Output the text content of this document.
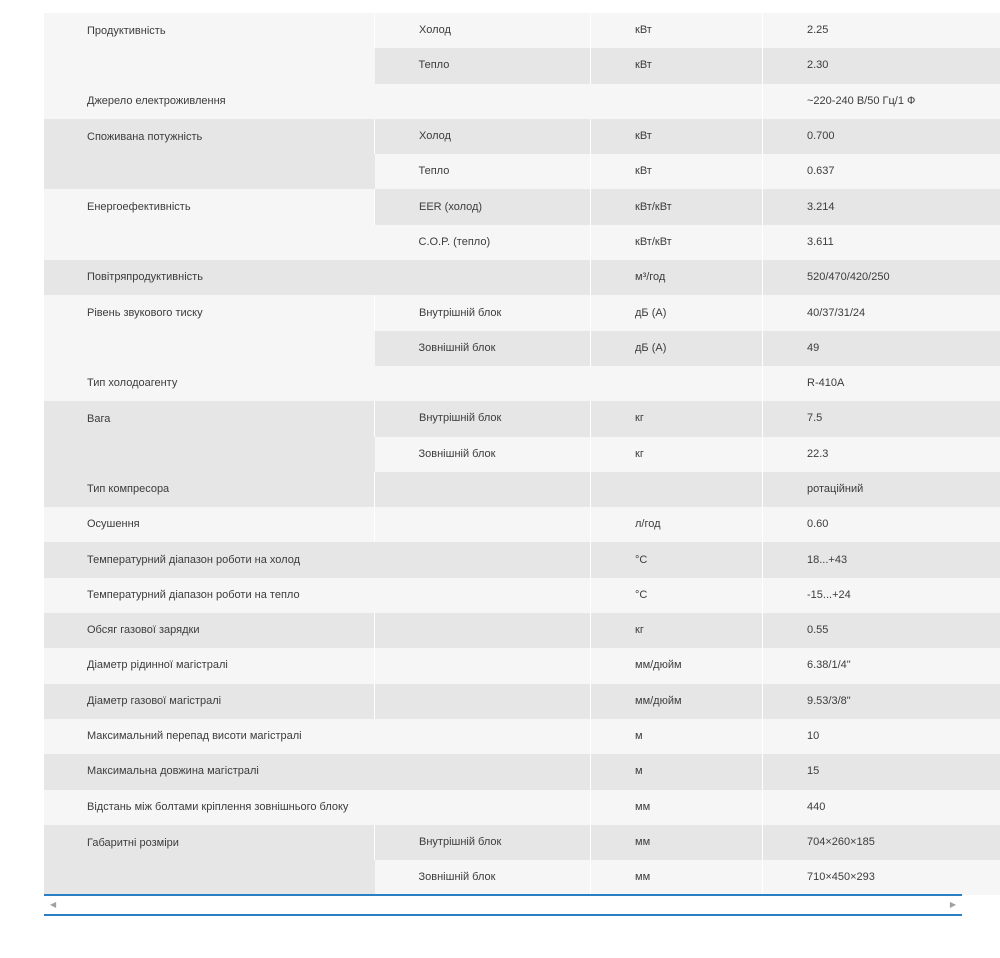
Продуктивність	Холод	кВт	2.25
	Тепло	кВт	2.30
Джерело електроживлення			~220-240 В/50 Гц/1 Ф
Споживана потужність	Холод	кВт	0.700
	Тепло	кВт	0.637
Енергоефективність	EER (холод)	кВт/кВт	3.214
	C.O.P. (тепло)	кВт/кВт	3.611
Повітряпродуктивність		м³/год	520/470/420/250
Рівень звукового тиску	Внутрішній блок	дБ (А)	40/37/31/24
	Зовнішній блок	дБ (А)	49
Тип холодоагенту			R-410A
Вага	Внутрішній блок	кг	7.5
	Зовнішній блок	кг	22.3
Тип компресора			ротаційний
Осушення		л/год	0.60
Температурний діапазон роботи на холод		°С	18...+43
Температурний діапазон роботи на тепло		°С	-15...+24
Обсяг газової зарядки		кг	0.55
Діаметр рідинної магістралі		мм/дюйм	6.38/1/4"
Діаметр газової магістралі		мм/дюйм	9.53/3/8"
Максимальний перепад висоти магістралі		м	10
Максимальна довжина магістралі		м	15
Відстань між болтами кріплення зовнішнього блоку		мм	440
Габаритні розміри	Внутрішній блок	мм	704×260×185
	Зовнішній блок	мм	710×450×293
◀	▶
